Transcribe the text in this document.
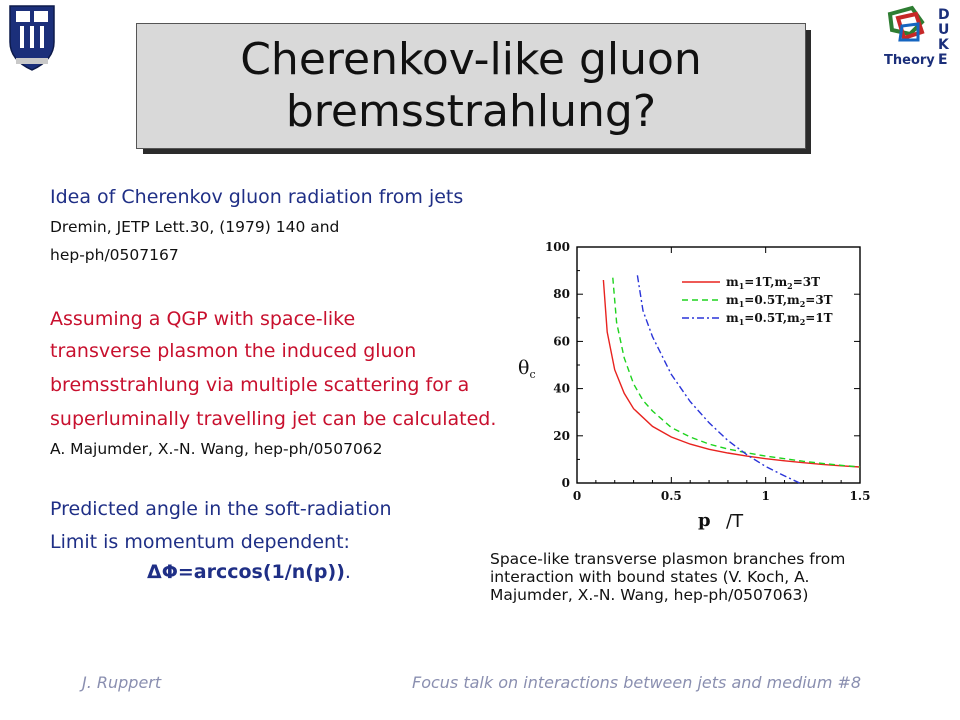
Theory
D
U
K
E
Cherenkov-like gluon bremsstrahlung?
Idea of Cherenkov gluon radiation from jets
Dremin, JETP Lett.30, (1979) 140 and
hep-ph/0507167
Assuming a QGP with space-like
transverse plasmon the induced gluon
bremsstrahlung via multiple scattering for a
superluminally travelling jet can be calculated.
A. Majumder, X.-N. Wang, hep-ph/0507062
Predicted angle in the soft-radiation
Limit is momentum dependent:
ΔΦ=arccos(1/n(p)).
0	0.5	1	1.5
0
20
40
60
80
100
$m_1=1T,m_2=3T$
$m_1=0.5T,m_2=3T$
$m_1=0.5T,m_2=1T$
$\theta_c$
p /T
Space-like transverse plasmon branches from interaction with bound states (V. Koch, A. Majumder, X.-N. Wang, hep-ph/0507063)
J. Ruppert	Focus talk on interactions between jets and medium #8
